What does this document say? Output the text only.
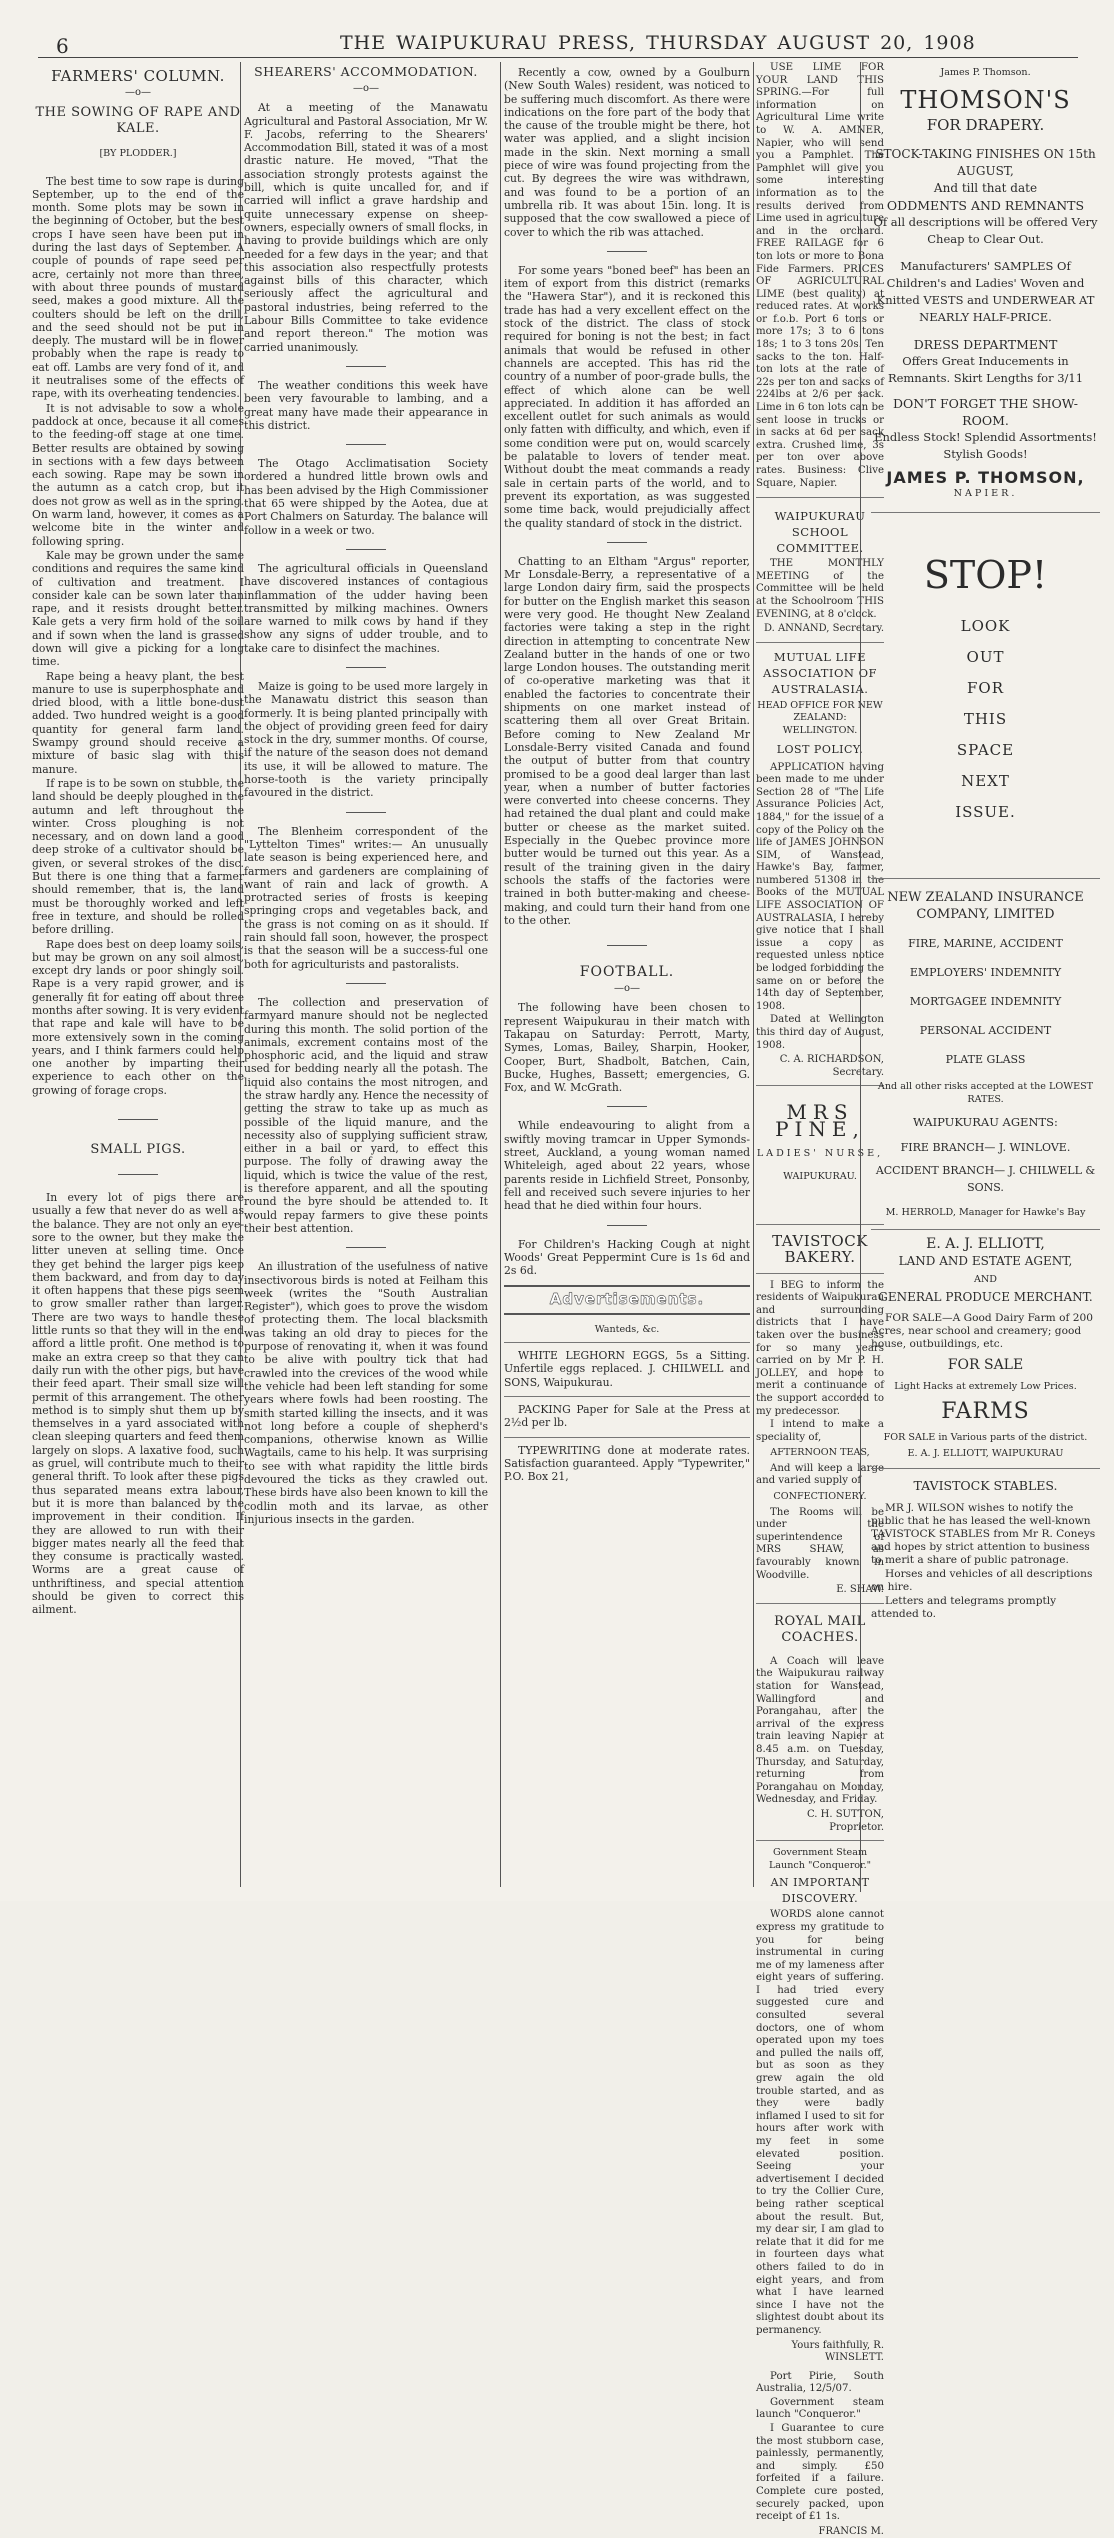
6	THE WAIPUKURAU PRESS, THURSDAY AUGUST 20, 1908
FARMERS' COLUMN.
—o—
THE SOWING OF RAPE AND KALE.
[BY PLODDER.]

The best time to sow rape is during September, up to the end of the month. Some plots may be sown in the beginning of October, but the best crops I have seen have been put in during the last days of September. A couple of pounds of rape seed per acre, certainly not more than three, with about three pounds of mustard seed, makes a good mixture. All the coulters should be left on the drill, and the seed should not be put in deeply. The mustard will be in flower probably when the rape is ready to eat off. Lambs are very fond of it, and it neutralises some of the effects of rape, with its overheating tendencies.

It is not advisable to sow a whole paddock at once, because it all comes to the feeding-off stage at one time. Better results are obtained by sowing in sections with a few days between each sowing. Rape may be sown in the autumn as a catch crop, but it does not grow as well as in the spring. On warm land, however, it comes as a welcome bite in the winter and following spring.

Kale may be grown under the same conditions and requires the same kind of cultivation and treatment. I consider kale can be sown later than rape, and it resists drought better. Kale gets a very firm hold of the soil and if sown when the land is grassed down will give a picking for a long time.

Rape being a heavy plant, the best manure to use is superphosphate and dried blood, with a little bone-dust added. Two hundred weight is a good quantity for general farm land. Swampy ground should receive a mixture of basic slag with this manure.

If rape is to be sown on stubble, the land should be deeply ploughed in the autumn and left throughout the winter. Cross ploughing is not necessary, and on down land a good deep stroke of a cultivator should be given, or several strokes of the disc. But there is one thing that a farmer should remember, that is, the land must be thoroughly worked and left free in texture, and should be rolled before drilling.

Rape does best on deep loamy soils, but may be grown on any soil almost, except dry lands or poor shingly soil. Rape is a very rapid grower, and is generally fit for eating off about three months after sowing. It is very evident that rape and kale will have to be more extensively sown in the coming years, and I think farmers could help one another by imparting their experience to each other on the growing of forage crops.

SMALL PIGS.

In every lot of pigs there are usually a few that never do as well as the balance. They are not only an eye-sore to the owner, but they make the litter uneven at selling time. Once they get behind the larger pigs keep them backward, and from day to day it often happens that these pigs seem to grow smaller rather than larger. There are two ways to handle these little runts so that they will in the end afford a little profit. One method is to make an extra creep so that they can daily run with the other pigs, but have their feed apart. Their small size will permit of this arrangement. The other method is to simply shut them up by themselves in a yard associated with clean sleeping quarters and feed them largely on slops. A laxative food, such as gruel, will contribute much to their general thrift. To look after these pigs thus separated means extra labour, but it is more than balanced by the improvement in their condition. If they are allowed to run with their bigger mates nearly all the feed that they consume is practically wasted. Worms are a great cause of unthriftiness, and special attention should be given to correct this ailment.

SHEARERS' ACCOMMODATION.
—o—

At a meeting of the Manawatu Agricultural and Pastoral Association, Mr W. F. Jacobs, referring to the Shearers' Accommodation Bill, stated it was of a most drastic nature. He moved, "That the association strongly protests against the bill, which is quite uncalled for, and if carried will inflict a grave hardship and quite unnecessary expense on sheep-owners, especially owners of small flocks, in having to provide buildings which are only needed for a few days in the year; and that this association also respectfully protests against bills of this character, which seriously affect the agricultural and pastoral industries, being referred to the Labour Bills Committee to take evidence and report thereon." The motion was carried unanimously.

The weather conditions this week have been very favourable to lambing, and a great many have made their appearance in this district.

The Otago Acclimatisation Society ordered a hundred little brown owls and has been advised by the High Commissioner that 65 were shipped by the Aotea, due at Port Chalmers on Saturday. The balance will follow in a week or two.

The agricultural officials in Queensland have discovered instances of contagious inflammation of the udder having been transmitted by milking machines. Owners are warned to milk cows by hand if they show any signs of udder trouble, and to take care to disinfect the machines.

Maize is going to be used more largely in the Manawatu district this season than formerly. It is being planted principally with the object of providing green feed for dairy stock in the dry, summer months. Of course, if the nature of the season does not demand its use, it will be allowed to mature. The horse-tooth is the variety principally favoured in the district.

The Blenheim correspondent of the "Lyttelton Times" writes:— An unusually late season is being experienced here, and farmers and gardeners are complaining of want of rain and lack of growth. A protracted series of frosts is keeping springing crops and vegetables back, and the grass is not coming on as it should. If rain should fall soon, however, the prospect is that the season will be a success-ful one both for agriculturists and pastoralists.

The collection and preservation of farmyard manure should not be neglected during this month. The solid portion of the animals, excrement contains most of the phosphoric acid, and the liquid and straw used for bedding nearly all the potash. The liquid also contains the most nitrogen, and the straw hardly any. Hence the necessity of getting the straw to take up as much as possible of the liquid manure, and the necessity also of supplying sufficient straw, either in a bail or yard, to effect this purpose. The folly of drawing away the liquid, which is twice the value of the rest, is therefore apparent, and all the spouting round the byre should be attended to. It would repay farmers to give these points their best attention.

An illustration of the usefulness of native insectivorous birds is noted at Feilham this week (writes the "South Australian Register"), which goes to prove the wisdom of protecting them. The local blacksmith was taking an old dray to pieces for the purpose of renovating it, when it was found to be alive with poultry tick that had crawled into the crevices of the wood while the vehicle had been left standing for some years where fowls had been roosting. The smith started killing the insects, and it was not long before a couple of shepherd's companions, otherwise known as Willie Wagtails, came to his help. It was surprising to see with what rapidity the little birds devoured the ticks as they crawled out. These birds have also been known to kill the codlin moth and its larvae, as other injurious insects in the garden.

Recently a cow, owned by a Goulburn (New South Wales) resident, was noticed to be suffering much discomfort. As there were indications on the fore part of the body that the cause of the trouble might be there, hot water was applied, and a slight incision made in the skin. Next morning a small piece of wire was found projecting from the cut. By degrees the wire was withdrawn, and was found to be a portion of an umbrella rib. It was about 15in. long. It is supposed that the cow swallowed a piece of cover to which the rib was attached.

For some years "boned beef" has been an item of export from this district (remarks the "Hawera Star"), and it is reckoned this trade has had a very excellent effect on the stock of the district. The class of stock required for boning is not the best; in fact animals that would be refused in other channels are accepted. This has rid the country of a number of poor-grade bulls, the effect of which alone can be well appreciated. In addition it has afforded an excellent outlet for such animals as would only fatten with difficulty, and which, even if some condition were put on, would scarcely be palatable to lovers of tender meat. Without doubt the meat commands a ready sale in certain parts of the world, and to prevent its exportation, as was suggested some time back, would prejudicially affect the quality standard of stock in the district.

Chatting to an Eltham "Argus" reporter, Mr Lonsdale-Berry, a representative of a large London dairy firm, said the prospects for butter on the English market this season were very good. He thought New Zealand factories were taking a step in the right direction in attempting to concentrate New Zealand butter in the hands of one or two large London houses. The outstanding merit of co-operative marketing was that it enabled the factories to concentrate their shipments on one market instead of scattering them all over Great Britain. Before coming to New Zealand Mr Lonsdale-Berry visited Canada and found the output of butter from that country promised to be a good deal larger than last year, when a number of butter factories were converted into cheese concerns. They had retained the dual plant and could make butter or cheese as the market suited. Especially in the Quebec province more butter would be turned out this year. As a result of the training given in the dairy schools the staffs of the factories were trained in both butter-making and cheese-making, and could turn their hand from one to the other.

FOOTBALL.
—o—

The following have been chosen to represent Waipukurau in their match with Takapau on Saturday: Perrott, Marty, Symes, Lomas, Bailey, Sharpin, Hooker, Cooper, Burt, Shadbolt, Batchen, Cain, Bucke, Hughes, Bassett; emergencies, G. Fox, and W. McGrath.

While endeavouring to alight from a swiftly moving tramcar in Upper Symonds-street, Auckland, a young woman named Whiteleigh, aged about 22 years, whose parents reside in Lichfield Street, Ponsonby, fell and received such severe injuries to her head that he died within four hours.

For Children's Hacking Cough at night Woods' Great Peppermint Cure is 1s 6d and 2s 6d.

Advertisements.
Wanteds, &c.

WHITE LEGHORN EGGS, 5s a Sitting. Unfertile eggs replaced. J. CHILWELL and SONS, Waipukurau.

PACKING Paper for Sale at the Press at 2½d per lb.

TYPEWRITING done at moderate rates. Satisfaction guaranteed. Apply "Typewriter," P.O. Box 21,

USE LIME FOR YOUR LAND THIS SPRING.—For full information on Agricultural Lime write to W. A. AMNER, Napier, who will send you a Pamphlet. The Pamphlet will give you some interesting information as to the results derived from Lime used in agriculture and in the orchard. FREE RAILAGE for 6 ton lots or more to Bona Fide Farmers. PRICES OF AGRICULTURAL LIME (best quality) at reduced rates. At works or f.o.b. Port 6 tons or more 17s; 3 to 6 tons 18s; 1 to 3 tons 20s. Ten sacks to the ton. Half-ton lots at the rate of 22s per ton and sacks of 224lbs at 2/6 per sack. Lime in 6 ton lots can be sent loose in trucks or in sacks at 6d per sack extra. Crushed lime, 3s per ton over above rates. Business: Clive Square, Napier.

WAIPUKURAU SCHOOL COMMITTEE.

THE MONTHLY MEETING of the Committee will be held at the Schoolroom THIS EVENING, at 8 o'clock.

D. ANNAND, Secretary.
MUTUAL LIFE ASSOCIATION OF AUSTRALASIA.
HEAD OFFICE FOR NEW ZEALAND: WELLINGTON.
LOST POLICY.

APPLICATION having been made to me under Section 28 of "The Life Assurance Policies Act, 1884," for the issue of a copy of the Policy on the life of JAMES JOHNSON SIM, of Wanstead, Hawke's Bay, farmer, numbered 51308 in the Books of the MUTUAL LIFE ASSOCIATION OF AUSTRALASIA, I hereby give notice that I shall issue a copy as requested unless notice be lodged forbidding the same on or before the 14th day of September, 1908.

Dated at Wellington this third day of August, 1908.

C. A. RICHARDSON, Secretary.
MRS PINE,
LADIES' NURSE,
WAIPUKURAU.
TAVISTOCK BAKERY.

I BEG to inform the residents of Waipukurau and surrounding districts that I have taken over the business for so many years carried on by Mr P. H. JOLLEY, and hope to merit a continuance of the support accorded to my predecessor.

I intend to make a speciality of,

AFTERNOON TEAS,

And will keep a large and varied supply of

CONFECTIONERY.

The Rooms will be under the superintendence of MRS SHAW, as favourably known in Woodville.

E. SHAW.
ROYAL MAIL COACHES.

A Coach will leave the Waipukurau railway station for Wanstead, Wallingford and Porangahau, after the arrival of the express train leaving Napier at 8.45 a.m. on Tuesday, Thursday, and Saturday, returning from Porangahau on Monday, Wednesday, and Friday.

C. H. SUTTON, Proprietor.
Government Steam Launch "Conqueror."
AN IMPORTANT DISCOVERY.

WORDS alone cannot express my gratitude to you for being instrumental in curing me of my lameness after eight years of suffering. I had tried every suggested cure and consulted several doctors, one of whom operated upon my toes and pulled the nails off, but as soon as they grew again the old trouble started, and as they were badly inflamed I used to sit for hours after work with my feet in some elevated position. Seeing your advertisement I decided to try the Collier Cure, being rather sceptical about the result. But, my dear sir, I am glad to relate that it did for me in fourteen days what others failed to do in eight years, and from what I have learned since I have not the slightest doubt about its permanency.

Yours faithfully, R. WINSLETT.

Port Pirie, South Australia, 12/5/07.

Government steam launch "Conqueror."

I Guarantee to cure the most stubborn case, painlessly, permanently, and simply. £50 forfeited if a failure. Complete cure posted, securely packed, upon receipt of £1 1s.

FRANCIS M.
James P. Thomson.
THOMSON'S
FOR DRAPERY.
STOCK-TAKING FINISHES ON 15th AUGUST,
And till that date
ODDMENTS AND REMNANTS
Of all descriptions will be offered Very Cheap to Clear Out.
Manufacturers' SAMPLES Of Children's and Ladies' Woven and Knitted VESTS and UNDERWEAR AT NEARLY HALF-PRICE.
DRESS DEPARTMENT
Offers Great Inducements in Remnants. Skirt Lengths for 3/11
DON'T FORGET THE SHOW-ROOM.
Endless Stock! Splendid Assortments! Stylish Goods!
JAMES P. THOMSON,
NAPIER.
STOP!
LOOK
OUT
FOR
THIS
SPACE
NEXT
ISSUE.
NEW ZEALAND INSURANCE COMPANY, LIMITED
FIRE, MARINE, ACCIDENT
EMPLOYERS' INDEMNITY
MORTGAGEE INDEMNITY
PERSONAL ACCIDENT
PLATE GLASS
And all other risks accepted at the LOWEST RATES.
WAIPUKURAU AGENTS:
FIRE BRANCH— J. WINLOVE.
ACCIDENT BRANCH— J. CHILWELL & SONS.
M. HERROLD, Manager for Hawke's Bay
E. A. J. ELLIOTT,
LAND AND ESTATE AGENT,
AND
GENERAL PRODUCE MERCHANT.

FOR SALE—A Good Dairy Farm of 200 Acres, near school and creamery; good house, outbuildings, etc.

FOR SALE
Light Hacks at extremely Low Prices.
FARMS
FOR SALE in Various parts of the district.
E. A. J. ELLIOTT, WAIPUKURAU
TAVISTOCK STABLES.

MR J. WILSON wishes to notify the public that he has leased the well-known TAVISTOCK STABLES from Mr R. Coneys and hopes by strict attention to business to merit a share of public patronage.

Horses and vehicles of all descriptions on hire.

Letters and telegrams promptly attended to.
